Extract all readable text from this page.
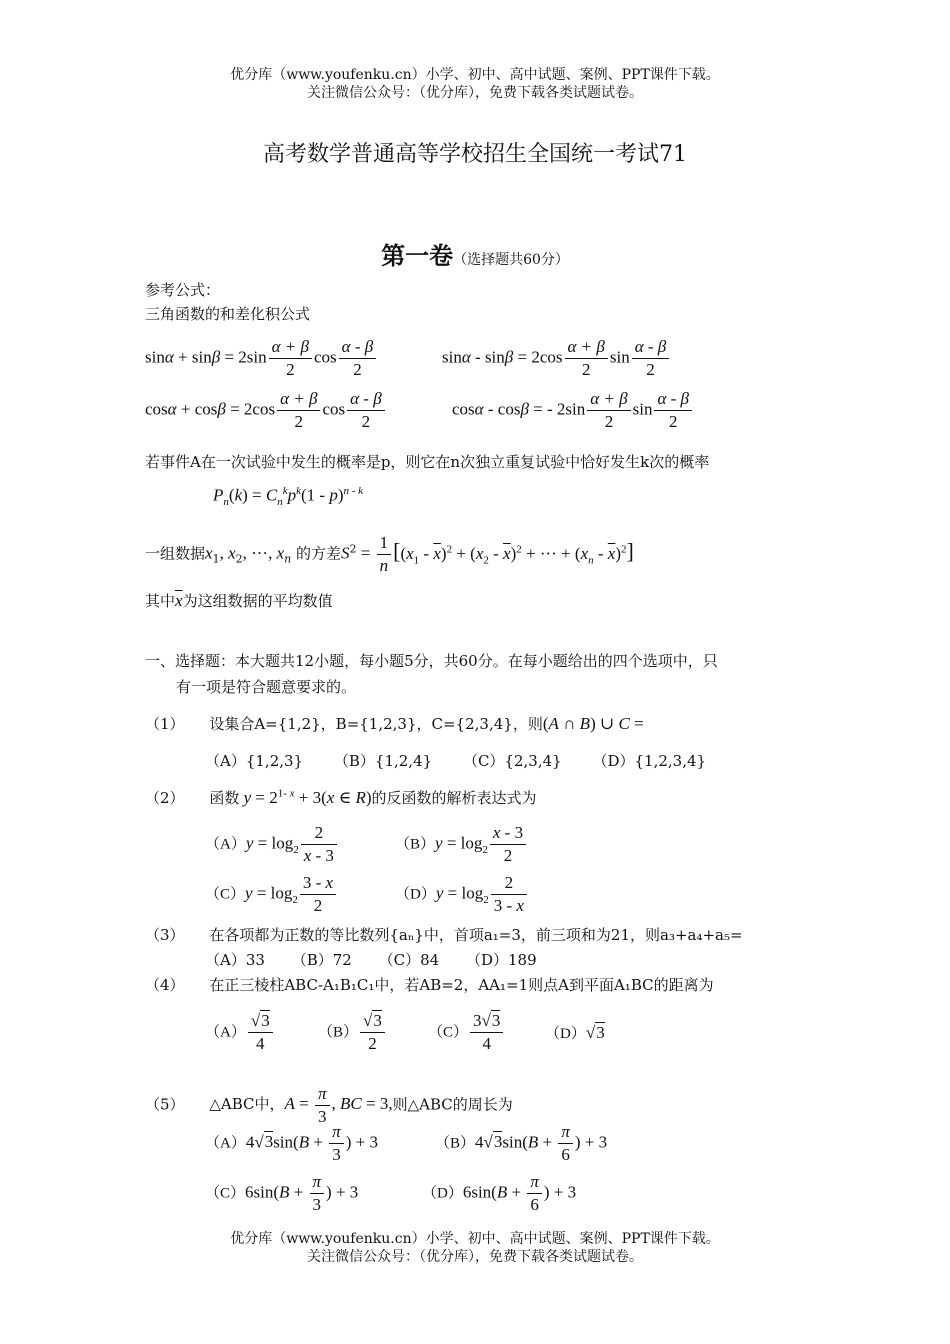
优分库（www.youfenku.cn）小学、初中、高中试题、案例、PPT课件下载。
关注微信公众号：（优分库），免费下载各类试题试卷。
高考数学普通高等学校招生全国统一考试71
第一卷（选择题共60分）
参考公式：
三角函数的和差化积公式
$\sin\alpha + \sin\beta = 2\sin \frac{\alpha + \beta}{2}$ $\cos \frac{\alpha - \beta}{2}$	$\sin\alpha - \sin\beta = 2\cos \frac{\alpha + \beta}{2}$ $\sin \frac{\alpha - \beta}{2}$
$\cos\alpha + \cos\beta = 2\cos \frac{\alpha + \beta}{2}$ $\cos \frac{\alpha - \beta}{2}$	cosα - cosβ = - $2\sin \frac{\alpha + \beta}{2}$ $\sin \frac{\alpha - \beta}{2}$
若事件A在一次试验中发生的概率是p，则它在n次独立重复试验中恰好发生k次的概率
$P_n(k) = C_n^kp^k(1 - p)^{n - k}$
一组数据$x_1$, $x_2$, ···, $x_n$ 的方差$S^2 = \frac{1}{n} [(x_1 - \overline{x})^2 + (x_2 - \overline{x})^2$ + ··· + $(x_n - \overline{x})^2$]
其中$\overline{x}$为这组数据的平均数值
一、选择题：本大题共12小题，每小题5分，共60分。在每小题给出的四个选项中，只
有一项是符合题意要求的。
（1） 设集合A={1,2}，B={1,2,3}，C={2,3,4}，则(A ∩ B) ∪ C =
（A）{1,2,3} （B）{1,2,4} （C）{2,3,4} （D）{1,2,3,4}
（2） 函数 $y = 2^{1- x} + 3(x$ ∈ R)的反函数的解析表达式为
$(A)y = \log_2 \frac{2}{x - 3}$	$(B)y = \log_2 \frac{x - 3}{2}$
$(C)y = \log_2 \frac{3 - x}{2}$	$(D)y = \log_2 \frac{2}{3 - x}$
（3） 在各项都为正数的等比数列{aₙ}中，首项a₁=3，前三项和为21，则a₃+a₄+a₅=
（A）33 （B）72 （C）84 （D）189
（4） 在正三棱柱ABC-A₁B₁C₁中，若AB=2，AA₁=1则点A到平面A₁BC的距离为
$(A) \frac{√3}{4}$	$(B) \frac{√3}{2}$	$(C) \frac{3√3}{4}$	（D）√3
（5） △ABC中，$A = \frac{\pi}{3}$ , BC = 3,则△ABC的周长为
$(A)4√3\sin(B + \frac{\pi}{3}$ ) + 3	$(B)4√3\sin(B + \frac{\pi}{6}$ ) + 3
$(C)6\sin(B + \frac{\pi}{3}$ ) + 3	$(D)6\sin(B + \frac{\pi}{6}$ ) + 3
优分库（www.youfenku.cn）小学、初中、高中试题、案例、PPT课件下载。
关注微信公众号：（优分库），免费下载各类试题试卷。
